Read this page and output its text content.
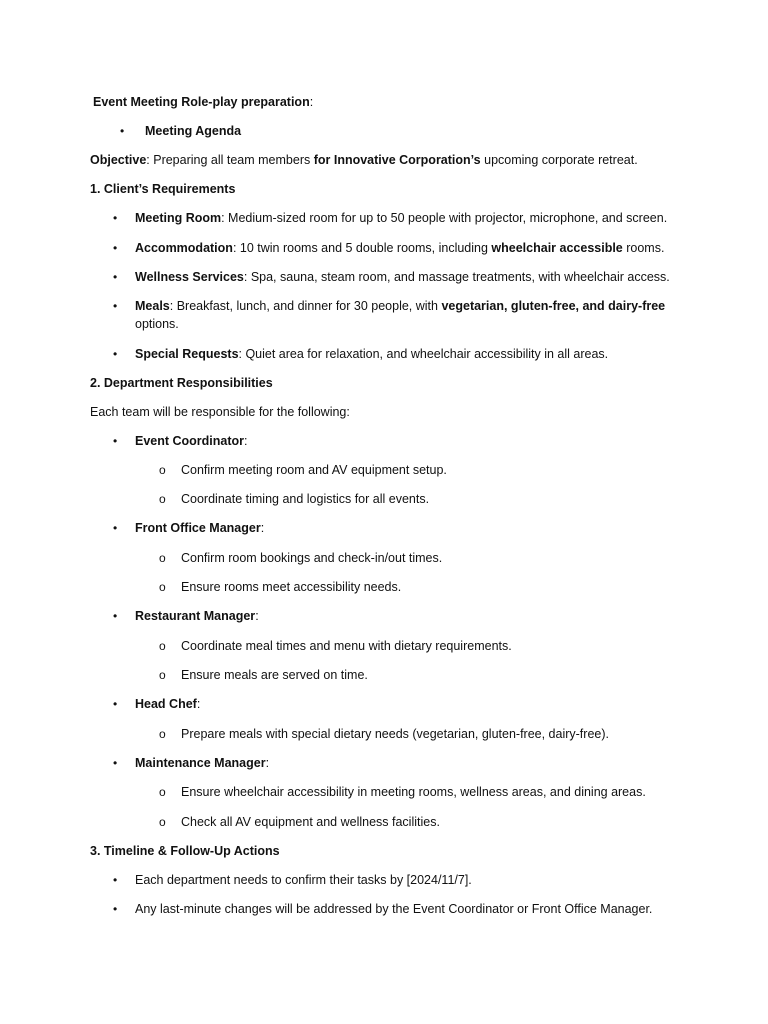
Event Meeting Role-play preparation:
• Meeting Agenda
Objective: Preparing all team members for Innovative Corporation’s upcoming corporate retreat.
1. Client’s Requirements
• Meeting Room: Medium-sized room for up to 50 people with projector, microphone, and screen.
• Accommodation: 10 twin rooms and 5 double rooms, including wheelchair accessible rooms.
• Wellness Services: Spa, sauna, steam room, and massage treatments, with wheelchair access.
• Meals: Breakfast, lunch, and dinner for 30 people, with vegetarian, gluten-free, and dairy-free options.
• Special Requests: Quiet area for relaxation, and wheelchair accessibility in all areas.
2. Department Responsibilities
Each team will be responsible for the following:
• Event Coordinator:
o Confirm meeting room and AV equipment setup.
o Coordinate timing and logistics for all events.
• Front Office Manager:
o Confirm room bookings and check-in/out times.
o Ensure rooms meet accessibility needs.
• Restaurant Manager:
o Coordinate meal times and menu with dietary requirements.
o Ensure meals are served on time.
• Head Chef:
o Prepare meals with special dietary needs (vegetarian, gluten-free, dairy-free).
• Maintenance Manager:
o Ensure wheelchair accessibility in meeting rooms, wellness areas, and dining areas.
o Check all AV equipment and wellness facilities.
3. Timeline & Follow-Up Actions
• Each department needs to confirm their tasks by [2024/11/7].
• Any last-minute changes will be addressed by the Event Coordinator or Front Office Manager.
